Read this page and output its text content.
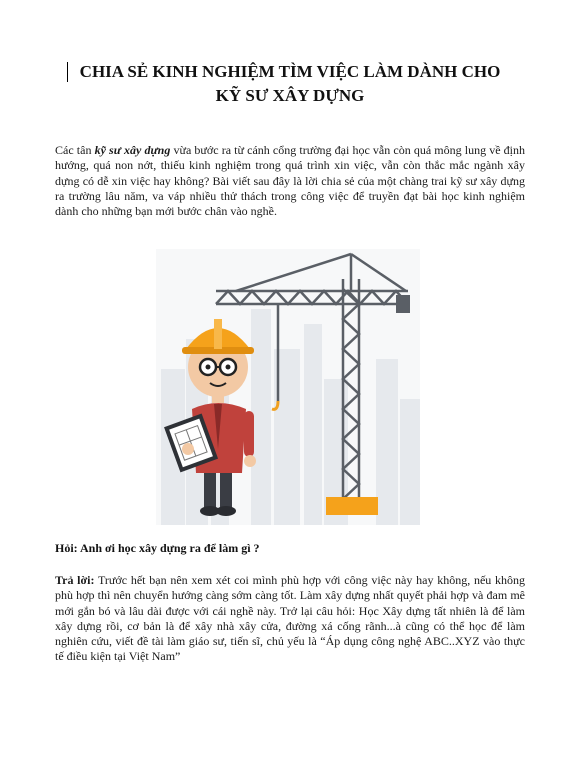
CHIA SẺ KINH NGHIỆM TÌM VIỆC LÀM DÀNH CHO
KỸ SƯ XÂY DỰNG

Các tân kỹ sư xây dựng vừa bước ra từ cánh cổng trường đại học vẫn còn quá mông lung về định hướng, quá non nớt, thiếu kinh nghiệm trong quá trình xin việc, vẫn còn thắc mắc ngành xây dựng có dễ xin việc hay không? Bài viết sau đây là lời chia sẻ của một chàng trai kỹ sư xây dựng ra trường lâu năm, va váp nhiều thử thách trong công việc để truyền đạt bài học kinh nghiệm dành cho những bạn mới bước chân vào nghề.

Hỏi: Anh ơi học xây dựng ra để làm gì ?

Trả lời: Trước hết bạn nên xem xét coi mình phù hợp với công việc này hay không, nếu không phù hợp thì nên chuyển hướng càng sớm càng tốt. Làm xây dựng nhất quyết phải hợp và đam mê mới gắn bó và lâu dài được với cái nghề này. Trở lại câu hỏi: Học Xây dựng tất nhiên là để làm xây dựng rồi, cơ bản là để xây nhà xây cửa, đường xá cống rãnh...à cũng có thể học để làm nghiên cứu, viết đề tài làm giáo sư, tiến sĩ, chủ yếu là “Áp dụng công nghệ ABC..XYZ vào thực tế điều kiện tại Việt Nam”
